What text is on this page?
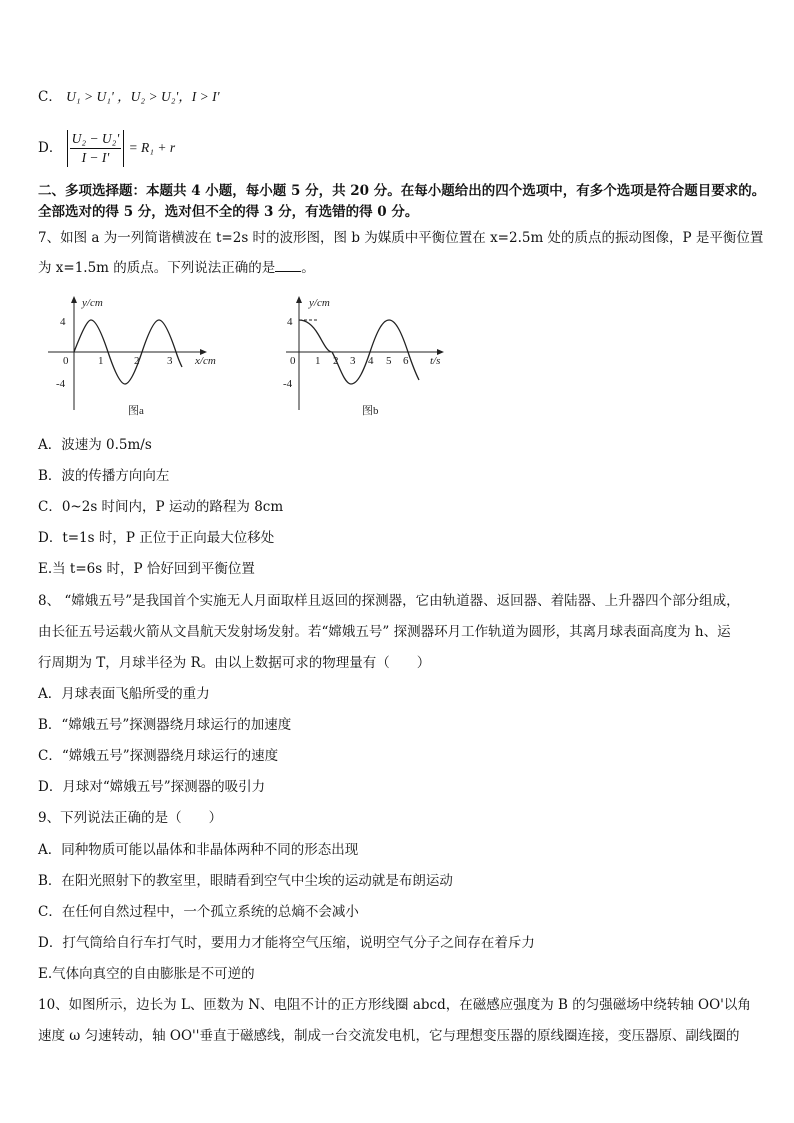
C． U₁ > U₁' ，U₂ > U₂'，I > I'
D． $\frac{\text{U₂ − U₂'}}{I - I'} = R_1 + r$
二、多项选择题：本题共 4 小题，每小题 5 分，共 20 分。在每小题给出的四个选项中，有多个选项是符合题目要求的。
全部选对的得 5 分，选对但不全的得 3 分，有选错的得 0 分。
7、如图 a 为一列简谐横波在 t=2s 时的波形图，图 b 为媒质中平衡位置在 x=2.5m 处的质点的振动图像，P 是平衡位置
为 x=1.5m 的质点。下列说法正确的是 。
y/cm
x/cm
4
-4
0	1	2	3
图a
y/cm
t/s
4
-4
0 1 2 3 4 5 6
图b
A．波速为 0.5m/s
B．波的传播方向向左
C．0~2s 时间内，P 运动的路程为 8cm
D．t=1s 时，P 正位于正向最大位移处
E.当 t=6s 时，P 恰好回到平衡位置
8、 “嫦娥五号”是我国首个实施无人月面取样且返回的探测器，它由轨道器、返回器、着陆器、上升器四个部分组成，
由长征五号运载火箭从文昌航天发射场发射。若“嫦娥五号” 探测器环月工作轨道为圆形，其离月球表面高度为 h、运
行周期为 T，月球半径为 R。由以上数据可求的物理量有（　　）
A．月球表面飞船所受的重力
B．“嫦娥五号”探测器绕月球运行的加速度
C．“嫦娥五号”探测器绕月球运行的速度
D．月球对“嫦娥五号”探测器的吸引力
9、下列说法正确的是（　　）
A．同种物质可能以晶体和非晶体两种不同的形态出现
B．在阳光照射下的教室里，眼睛看到空气中尘埃的运动就是布朗运动
C．在任何自然过程中，一个孤立系统的总熵不会减小
D．打气筒给自行车打气时，要用力才能将空气压缩，说明空气分子之间存在着斥力
E.气体向真空的自由膨胀是不可逆的
10、如图所示，边长为 L、匝数为 N、电阻不计的正方形线圈 abcd，在磁感应强度为 B 的匀强磁场中绕转轴 OO'以角
速度 ω 匀速转动，轴 OO''垂直于磁感线，制成一台交流发电机，它与理想变压器的原线圈连接，变压器原、副线圈的
